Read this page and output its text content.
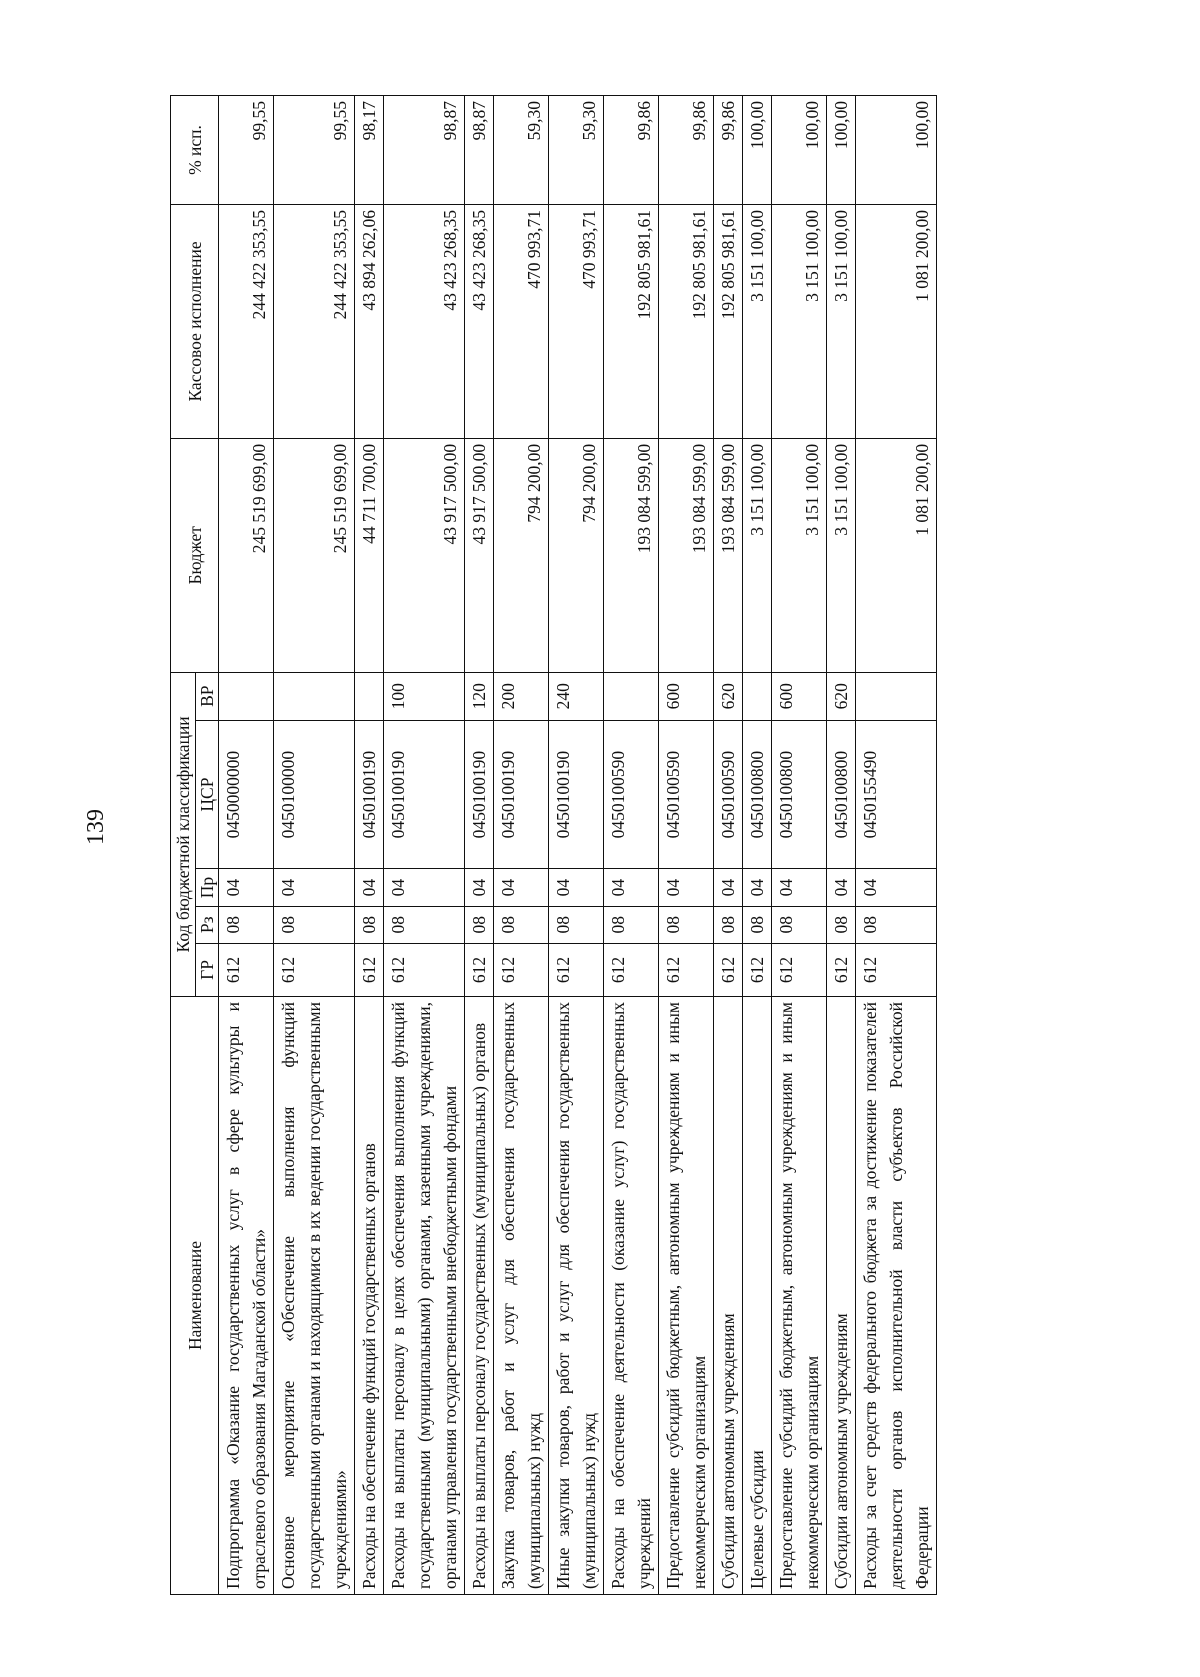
139
Наименование	Код бюджетной классификации					Бюджет	Кассовое исполнение	% исп.
	ГР	Рз	Пр	ЦСР	ВР			
Подпрограмма «Оказание государственных услуг в сфере культуры и отраслевого образования Магаданской области»	612	08	04	0450000000		245 519 699,00	244 422 353,55	99,55
Основное мероприятие «Обеспечение выполнения функций государственными органами и находящимися в их ведении государственными учреждениями»	612	08	04	0450100000		245 519 699,00	244 422 353,55	99,55
Расходы на обеспечение функций государственных органов	612	08	04	0450100190		44 711 700,00	43 894 262,06	98,17
Расходы на выплаты персоналу в целях обеспечения выполнения функций государственными (муниципальными) органами, казенными учреждениями, органами управления государственными внебюджетными фондами	612	08	04	0450100190	100	43 917 500,00	43 423 268,35	98,87
Расходы на выплаты персоналу государственных (муниципальных) органов	612	08	04	0450100190	120	43 917 500,00	43 423 268,35	98,87
Закупка товаров, работ и услуг для обеспечения государственных (муниципальных) нужд	612	08	04	0450100190	200	794 200,00	470 993,71	59,30
Иные закупки товаров, работ и услуг для обеспечения государственных (муниципальных) нужд	612	08	04	0450100190	240	794 200,00	470 993,71	59,30
Расходы на обеспечение деятельности (оказание услуг) государственных учреждений	612	08	04	0450100590		193 084 599,00	192 805 981,61	99,86
Предоставление субсидий бюджетным, автономным учреждениям и иным некоммерческим организациям	612	08	04	0450100590	600	193 084 599,00	192 805 981,61	99,86
Субсидии автономным учреждениям	612	08	04	0450100590	620	193 084 599,00	192 805 981,61	99,86
Целевые субсидии	612	08	04	0450100800		3 151 100,00	3 151 100,00	100,00
Предоставление субсидий бюджетным, автономным учреждениям и иным некоммерческим организациям	612	08	04	0450100800	600	3 151 100,00	3 151 100,00	100,00
Субсидии автономным учреждениям	612	08	04	0450100800	620	3 151 100,00	3 151 100,00	100,00
Расходы за счет средств федерального бюджета за достижение показателей деятельности органов исполнительной власти субъектов Российской Федерации	612	08	04	0450155490		1 081 200,00	1 081 200,00	100,00
